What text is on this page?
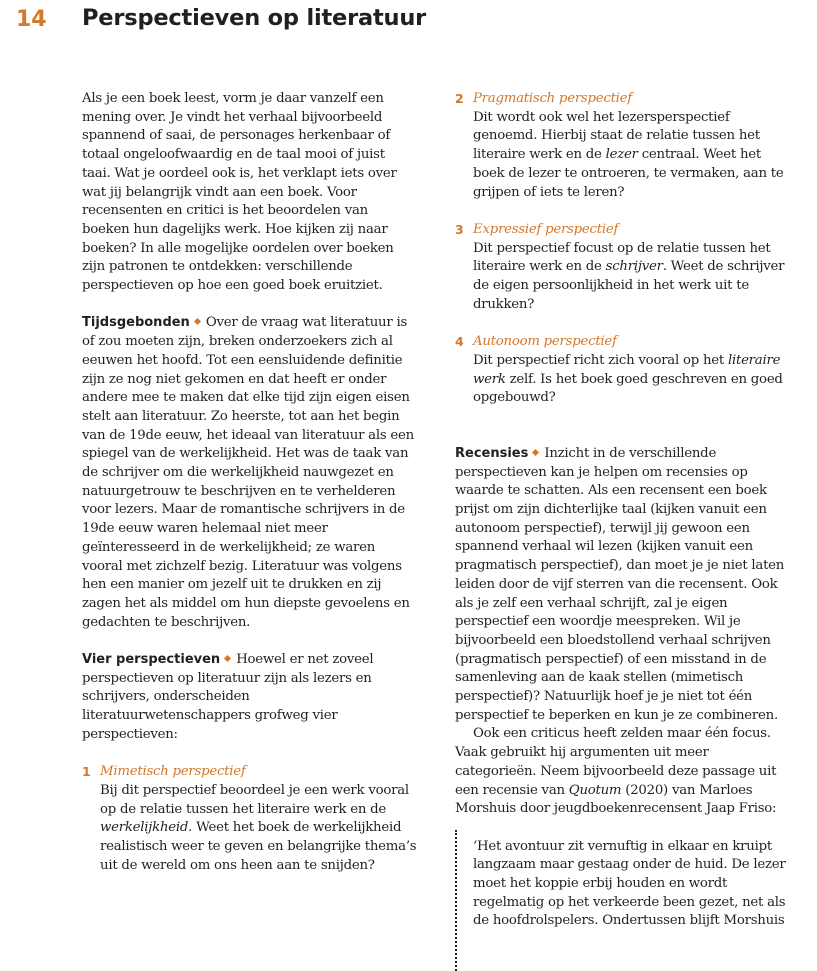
14 Perspectieven op literatuur

Als je een boek leest, vorm je daar vanzelf een mening over. Je vindt het verhaal bijvoorbeeld spannend of saai, de personages herkenbaar of totaal ongeloofwaardig en de taal mooi of juist taai. Wat je oordeel ook is, het verklapt iets over wat jij belangrijk vindt aan een boek. Voor recensenten en critici is het beoordelen van boeken hun dagelijks werk. Hoe kijken zij naar boeken? In alle mogelijke oordelen over boeken zijn patronen te ontdekken: verschillende perspectieven op hoe een goed boek eruitziet.

Tijdsgebonden Over de vraag wat literatuur is of zou moeten zijn, breken onderzoekers zich al eeuwen het hoofd. Tot een eensluidende definitie zijn ze nog niet gekomen en dat heeft er onder andere mee te maken dat elke tijd zijn eigen eisen stelt aan literatuur. Zo heerste, tot aan het begin van de 19de eeuw, het ideaal van literatuur als een spiegel van de werkelijkheid. Het was de taak van de schrijver om die werkelijkheid nauwgezet en natuurgetrouw te beschrijven en te verhelderen voor lezers. Maar de romantische schrijvers in de 19de eeuw waren helemaal niet meer geïnteresseerd in de werkelijkheid; ze waren vooral met zichzelf bezig. Literatuur was volgens hen een manier om jezelf uit te drukken en zij zagen het als middel om hun diepste gevoelens en gedachten te beschrijven.

Vier perspectieven Hoewel er net zoveel perspectieven op literatuur zijn als lezers en schrijvers, onderscheiden literatuurwetenschappers grofweg vier perspectieven:

1 Mimetisch perspectief
Bij dit perspectief beoordeel je een werk vooral op de relatie tussen het literaire werk en de werkelijkheid. Weet het boek de werkelijkheid realistisch weer te geven en belangrijke thema’s uit de wereld om ons heen aan te snijden?
2 Pragmatisch perspectief
Dit wordt ook wel het lezersperspectief genoemd. Hierbij staat de relatie tussen het literaire werk en de lezer centraal. Weet het boek de lezer te ontroeren, te vermaken, aan te grijpen of iets te leren?
3 Expressief perspectief
Dit perspectief focust op de relatie tussen het literaire werk en de schrijver. Weet de schrijver de eigen persoonlijkheid in het werk uit te drukken?
4 Autonoom perspectief
Dit perspectief richt zich vooral op het literaire werk zelf. Is het boek goed geschreven en goed opgebouwd?

Recensies Inzicht in de verschillende perspectieven kan je helpen om recensies op waarde te schatten. Als een recensent een boek prijst om zijn dichterlijke taal (kijken vanuit een autonoom perspectief), terwijl jij gewoon een spannend verhaal wil lezen (kijken vanuit een pragmatisch perspectief), dan moet je je niet laten leiden door de vijf sterren van die recensent. Ook als je zelf een verhaal schrijft, zal je eigen perspectief een woordje meespreken. Wil je bijvoorbeeld een bloedstollend verhaal schrijven (pragmatisch perspectief) of een misstand in de samenleving aan de kaak stellen (mimetisch perspectief)? Natuurlijk hoef je je niet tot één perspectief te beperken en kun je ze combineren.

Ook een criticus heeft zelden maar één focus. Vaak gebruikt hij argumenten uit meer categorieën. Neem bijvoorbeeld deze passage uit een recensie van Quotum (2020) van Marloes Morshuis door jeugdboekenrecensent Jaap Friso:

‘Het avontuur zit vernuftig in elkaar en kruipt langzaam maar gestaag onder de huid. De lezer moet het koppie erbij houden en wordt regelmatig op het verkeerde been gezet, net als de hoofdrolspelers. Ondertussen blijft Morshuis
